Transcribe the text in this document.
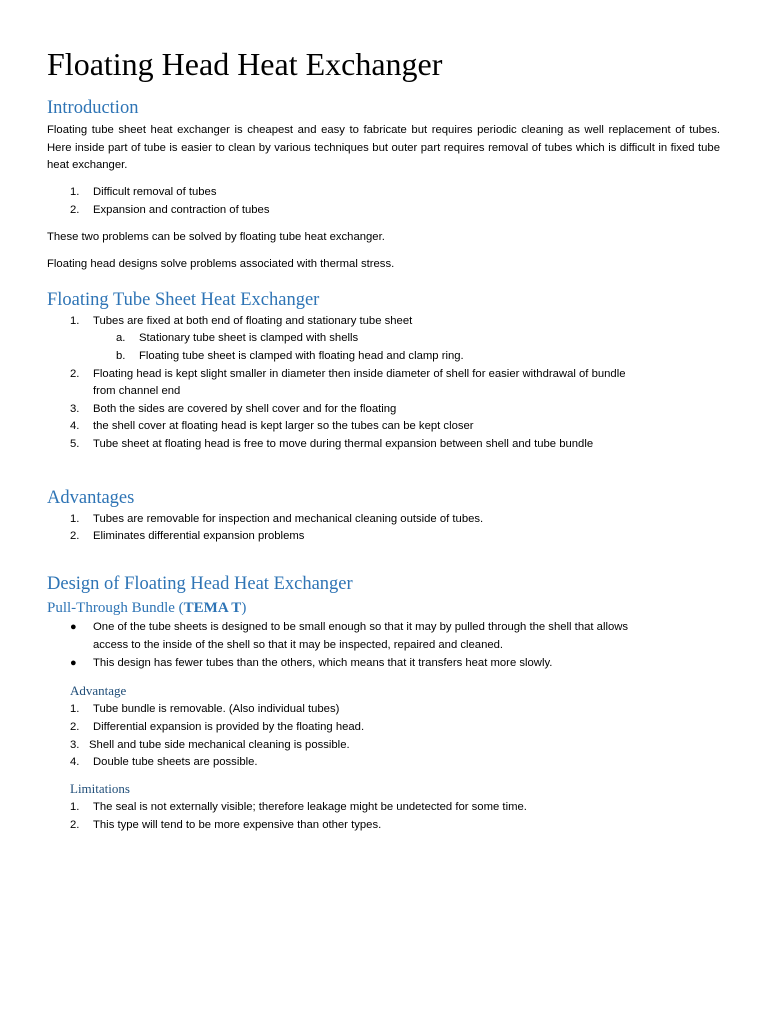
Floating Head Heat Exchanger
Introduction

Floating tube sheet heat exchanger is cheapest and easy to fabricate but requires periodic cleaning as well replacement of tubes. Here inside part of tube is easier to clean by various techniques but outer part requires removal of tubes which is difficult in fixed tube heat exchanger.

1. Difficult removal of tubes
2. Expansion and contraction of tubes

These two problems can be solved by floating tube heat exchanger.

Floating head designs solve problems associated with thermal stress.

Floating Tube Sheet Heat Exchanger
1. Tubes are fixed at both end of floating and stationary tube sheet
a. Stationary tube sheet is clamped with shells
b. Floating tube sheet is clamped with floating head and clamp ring.
2. Floating head is kept slight smaller in diameter then inside diameter of shell for easier withdrawal of bundle
from channel end
3. Both the sides are covered by shell cover and for the floating
4. the shell cover at floating head is kept larger so the tubes can be kept closer
5. Tube sheet at floating head is free to move during thermal expansion between shell and tube bundle
Advantages
1. Tubes are removable for inspection and mechanical cleaning outside of tubes.
2. Eliminates differential expansion problems
Design of Floating Head Heat Exchanger
Pull-Through Bundle (TEMA T)
● One of the tube sheets is designed to be small enough so that it may by pulled through the shell that allows
access to the inside of the shell so that it may be inspected, repaired and cleaned.
● This design has fewer tubes than the others, which means that it transfers heat more slowly.
Advantage
1. Tube bundle is removable. (Also individual tubes)
2. Differential expansion is provided by the floating head.
3. Shell and tube side mechanical cleaning is possible.
4. Double tube sheets are possible.
Limitations
1. The seal is not externally visible; therefore leakage might be undetected for some time.
2. This type will tend to be more expensive than other types.
